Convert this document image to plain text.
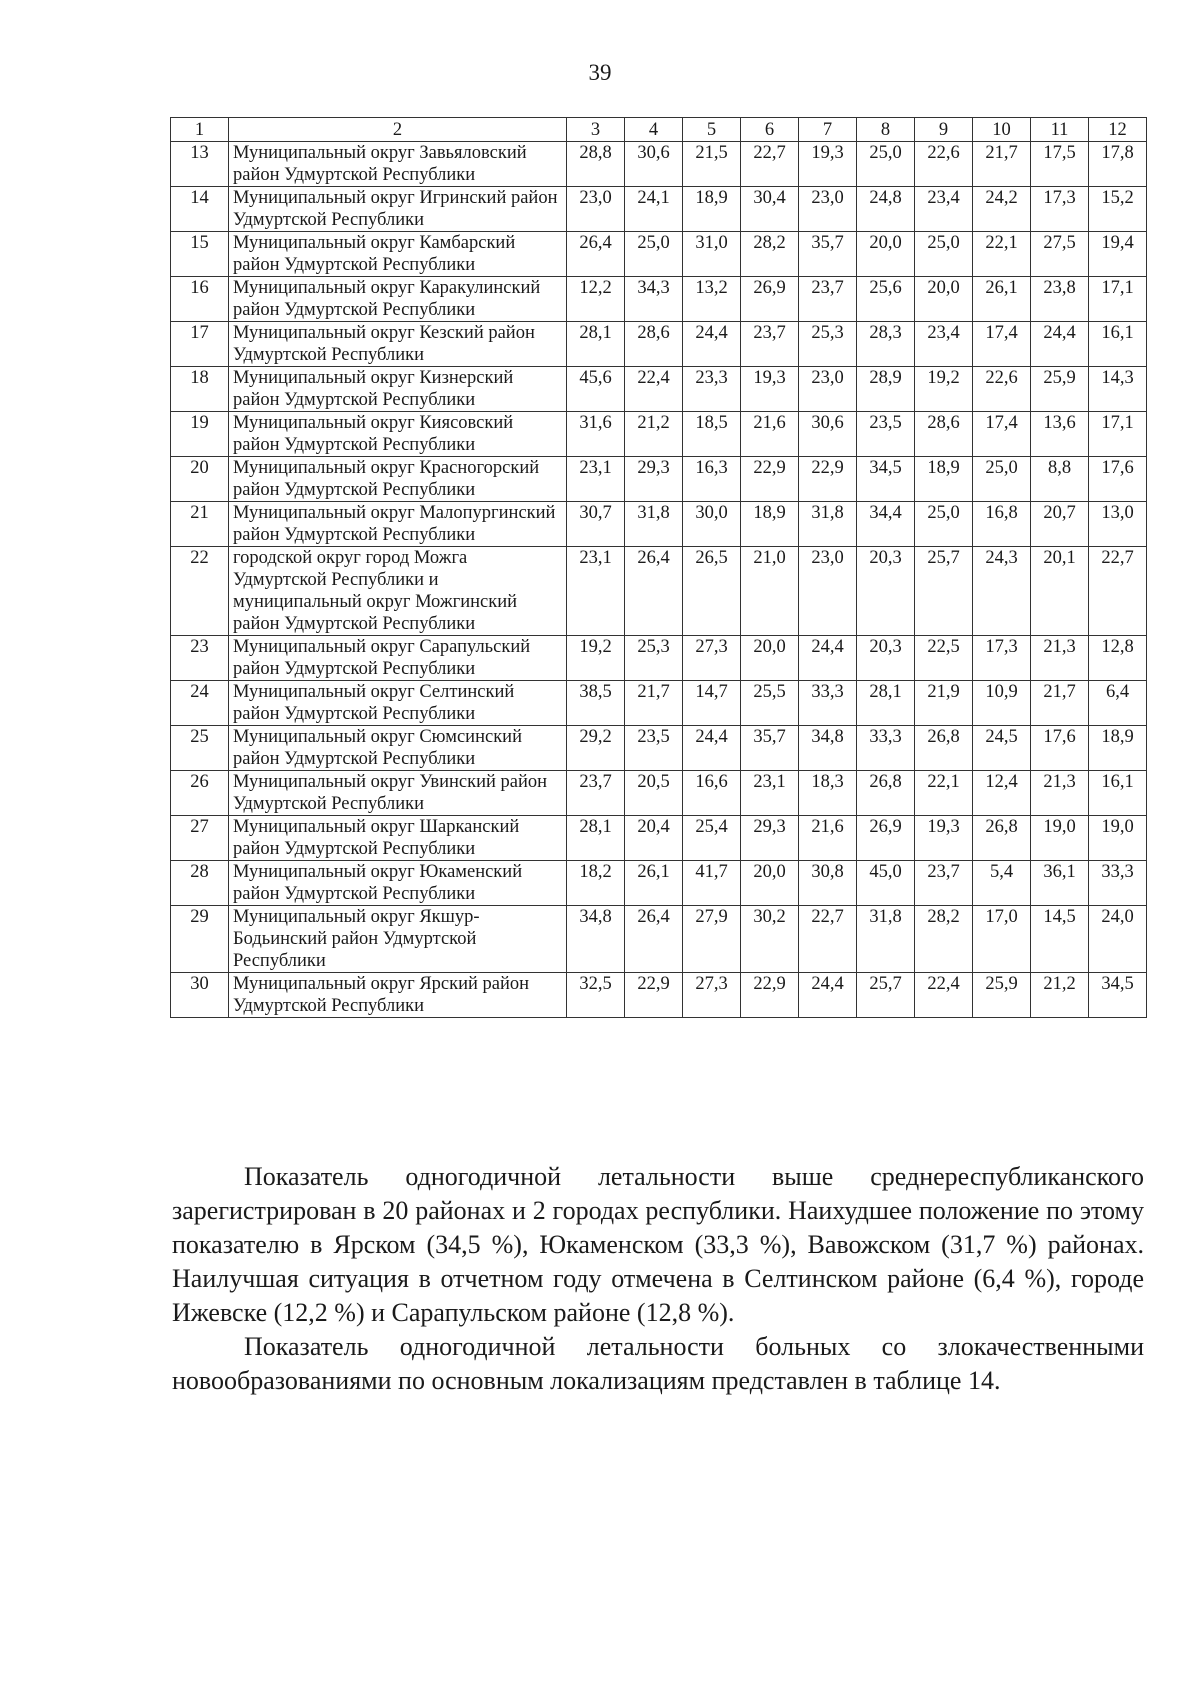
39
1	2	3	4	5	6	7	8	9	10	11	12
13	Муниципальный округ Завьяловский район Удмуртской Республики	28,8	30,6	21,5	22,7	19,3	25,0	22,6	21,7	17,5	17,8
14	Муниципальный округ Игринский район Удмуртской Республики	23,0	24,1	18,9	30,4	23,0	24,8	23,4	24,2	17,3	15,2
15	Муниципальный округ Камбарский район Удмуртской Республики	26,4	25,0	31,0	28,2	35,7	20,0	25,0	22,1	27,5	19,4
16	Муниципальный округ Каракулинский район Удмуртской Республики	12,2	34,3	13,2	26,9	23,7	25,6	20,0	26,1	23,8	17,1
17	Муниципальный округ Кезский район Удмуртской Республики	28,1	28,6	24,4	23,7	25,3	28,3	23,4	17,4	24,4	16,1
18	Муниципальный округ Кизнерский район Удмуртской Республики	45,6	22,4	23,3	19,3	23,0	28,9	19,2	22,6	25,9	14,3
19	Муниципальный округ Киясовский район Удмуртской Республики	31,6	21,2	18,5	21,6	30,6	23,5	28,6	17,4	13,6	17,1
20	Муниципальный округ Красногорский район Удмуртской Республики	23,1	29,3	16,3	22,9	22,9	34,5	18,9	25,0	8,8	17,6
21	Муниципальный округ Малопургинский район Удмуртской Республики	30,7	31,8	30,0	18,9	31,8	34,4	25,0	16,8	20,7	13,0
22	городской округ город Можга Удмуртской Республики и муниципальный округ Можгинский район Удмуртской Республики	23,1	26,4	26,5	21,0	23,0	20,3	25,7	24,3	20,1	22,7
23	Муниципальный округ Сарапульский район Удмуртской Республики	19,2	25,3	27,3	20,0	24,4	20,3	22,5	17,3	21,3	12,8
24	Муниципальный округ Селтинский район Удмуртской Республики	38,5	21,7	14,7	25,5	33,3	28,1	21,9	10,9	21,7	6,4
25	Муниципальный округ Сюмсинский район Удмуртской Республики	29,2	23,5	24,4	35,7	34,8	33,3	26,8	24,5	17,6	18,9
26	Муниципальный округ Увинский район Удмуртской Республики	23,7	20,5	16,6	23,1	18,3	26,8	22,1	12,4	21,3	16,1
27	Муниципальный округ Шарканский район Удмуртской Республики	28,1	20,4	25,4	29,3	21,6	26,9	19,3	26,8	19,0	19,0
28	Муниципальный округ Юкаменский район Удмуртской Республики	18,2	26,1	41,7	20,0	30,8	45,0	23,7	5,4	36,1	33,3
29	Муниципальный округ Якшур-Бодьинский район Удмуртской Республики	34,8	26,4	27,9	30,2	22,7	31,8	28,2	17,0	14,5	24,0
30	Муниципальный округ Ярский район Удмуртской Республики	32,5	22,9	27,3	22,9	24,4	25,7	22,4	25,9	21,2	34,5

Показатель одногодичной летальности выше среднереспубликанского зарегистрирован в 20 районах и 2 городах республики. Наихудшее положение по этому показателю в Ярском (34,5 %), Юкаменском (33,3 %), Вавожском (31,7 %) районах. Наилучшая ситуация в отчетном году отмечена в Селтинском районе (6,4 %), городе Ижевске (12,2 %) и Сарапульском районе (12,8 %).

Показатель одногодичной летальности больных со злокачественными новообразованиями по основным локализациям представлен в таблице 14.
